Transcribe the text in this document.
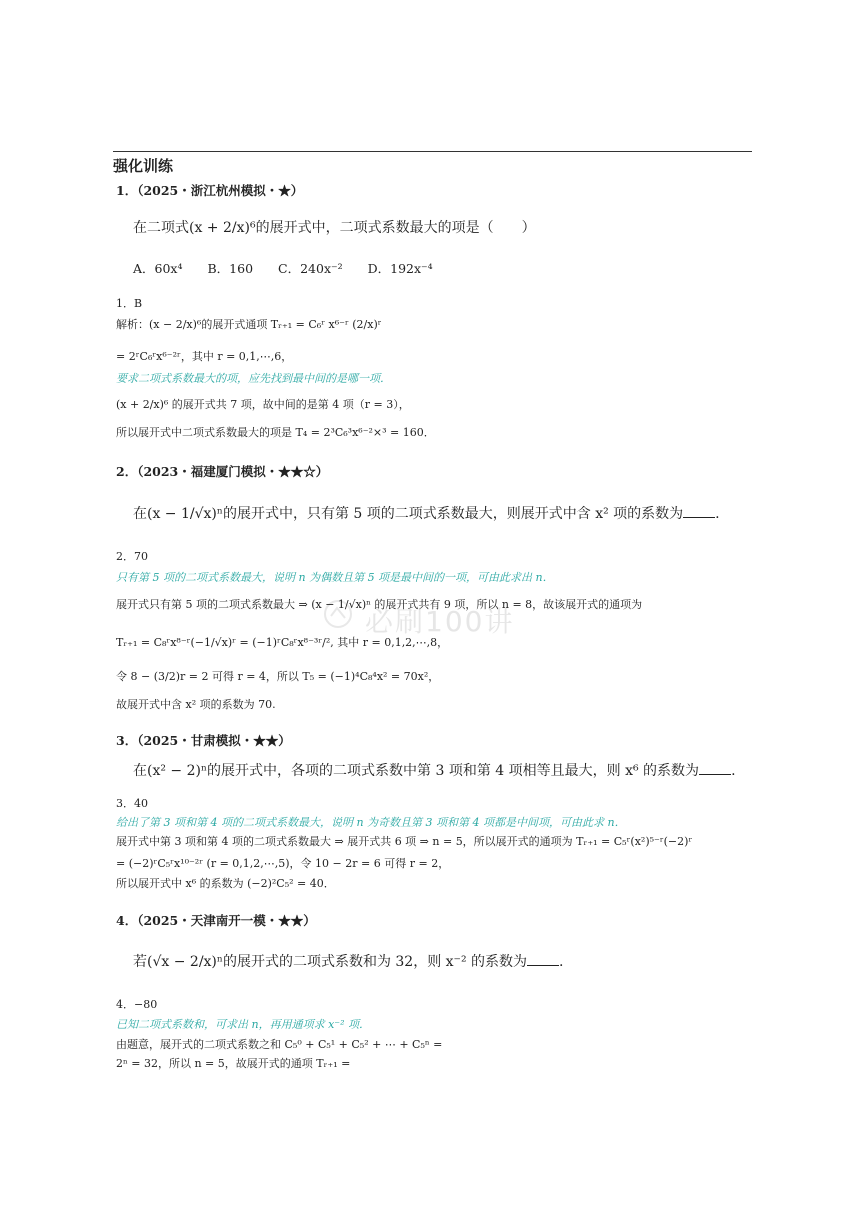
强化训练
必刷100讲
1．（2025・浙江杭州模拟・★）
在二项式(x + 2/x)⁶的展开式中，二项式系数最大的项是（　　）
A．60x⁴　　B．160　　C．240x⁻²　　D．192x⁻⁴
1．B
解析：(x − 2/x)⁶的展开式通项 Tᵣ₊₁ = C₆ʳ x⁶⁻ʳ (2/x)ʳ
= 2ʳC₆ʳx⁶⁻²ʳ，其中 r = 0,1,⋯,6，
要求二项式系数最大的项，应先找到最中间的是哪一项．
(x + 2/x)⁶ 的展开式共 7 项，故中间的是第 4 项（r = 3），
所以展开式中二项式系数最大的项是 T₄ = 2³C₆³x⁶⁻²×³ = 160．
2．（2023・福建厦门模拟・★★☆）
在(x − 1/√x)ⁿ的展开式中，只有第 5 项的二项式系数最大，则展开式中含 x² 项的系数为 .
2．70
只有第 5 项的二项式系数最大，说明 n 为偶数且第 5 项是最中间的一项，可由此求出 n．
展开式只有第 5 项的二项式系数最大 ⇒ (x − 1/√x)ⁿ 的展开式共有 9 项，所以 n = 8，故该展开式的通项为
Tᵣ₊₁ = C₈ʳx⁸⁻ʳ(−1/√x)ʳ = (−1)ʳC₈ʳx⁸⁻³ʳ/², 其中 r = 0,1,2,⋯,8，
令 8 − (3/2)r = 2 可得 r = 4，所以 T₅ = (−1)⁴C₈⁴x² = 70x²，
故展开式中含 x² 项的系数为 70.
3．（2025・甘肃模拟・★★）
在(x² − 2)ⁿ的展开式中，各项的二项式系数中第 3 项和第 4 项相等且最大，则 x⁶ 的系数为 .
3．40
给出了第 3 项和第 4 项的二项式系数最大，说明 n 为奇数且第 3 项和第 4 项都是中间项，可由此求 n．
展开式中第 3 项和第 4 项的二项式系数最大 ⇒ 展开式共 6 项 ⇒ n = 5，所以展开式的通项为 Tᵣ₊₁ = C₅ʳ(x²)⁵⁻ʳ(−2)ʳ
= (−2)ʳC₅ʳx¹⁰⁻²ʳ (r = 0,1,2,⋯,5)，令 10 − 2r = 6 可得 r = 2，
所以展开式中 x⁶ 的系数为 (−2)²C₅² = 40．
4．（2025・天津南开一模・★★）
若(√x − 2/x)ⁿ的展开式的二项式系数和为 32，则 x⁻² 的系数为 .
4．−80
已知二项式系数和，可求出 n，再用通项求 x⁻² 项．
由题意，展开式的二项式系数之和 C₅⁰ + C₅¹ + C₅² + ⋯ + C₅ⁿ =
2ⁿ = 32，所以 n = 5，故展开式的通项 Tᵣ₊₁ =
